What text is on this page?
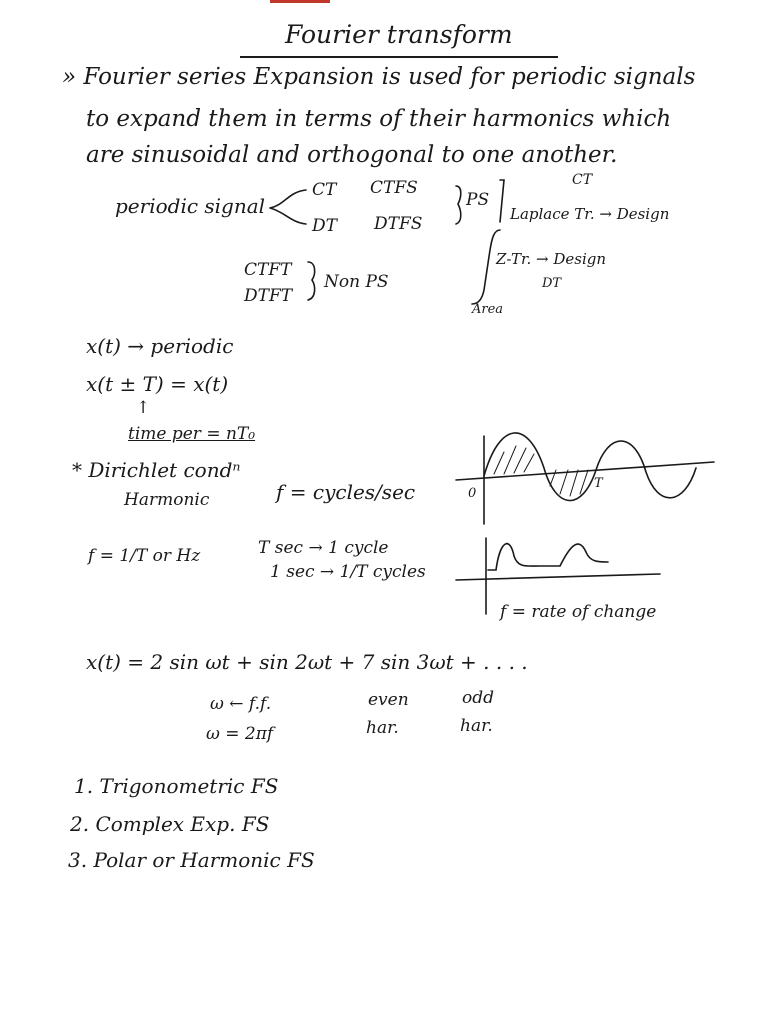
Fourier transform
» Fourier series Expansion is used for periodic signals
to expand them in terms of their harmonics which
are sinusoidal and orthogonal to one another.
periodic signal
CT CTFS
DT DTFS
PS
CT
Laplace Tr. → Design
Z-Tr. → Design
DT
Area
CTFT
DTFT
Non PS
x(t) → periodic
x(t ± T) = x(t)
↑
time per = nT₀
* Dirichlet condⁿ
Harmonic	f = cycles/sec
f = 1/T or Hz	T sec → 1 cycle
1 sec → 1/T cycles
f = rate of change
0
T
x(t) = 2 sin ωt + sin 2ωt + 7 sin 3ωt + . . . .
ω ← f.f.	even	odd
ω = 2πf	har.	har.
1. Trigonometric FS
2. Complex Exp. FS
3. Polar or Harmonic FS
